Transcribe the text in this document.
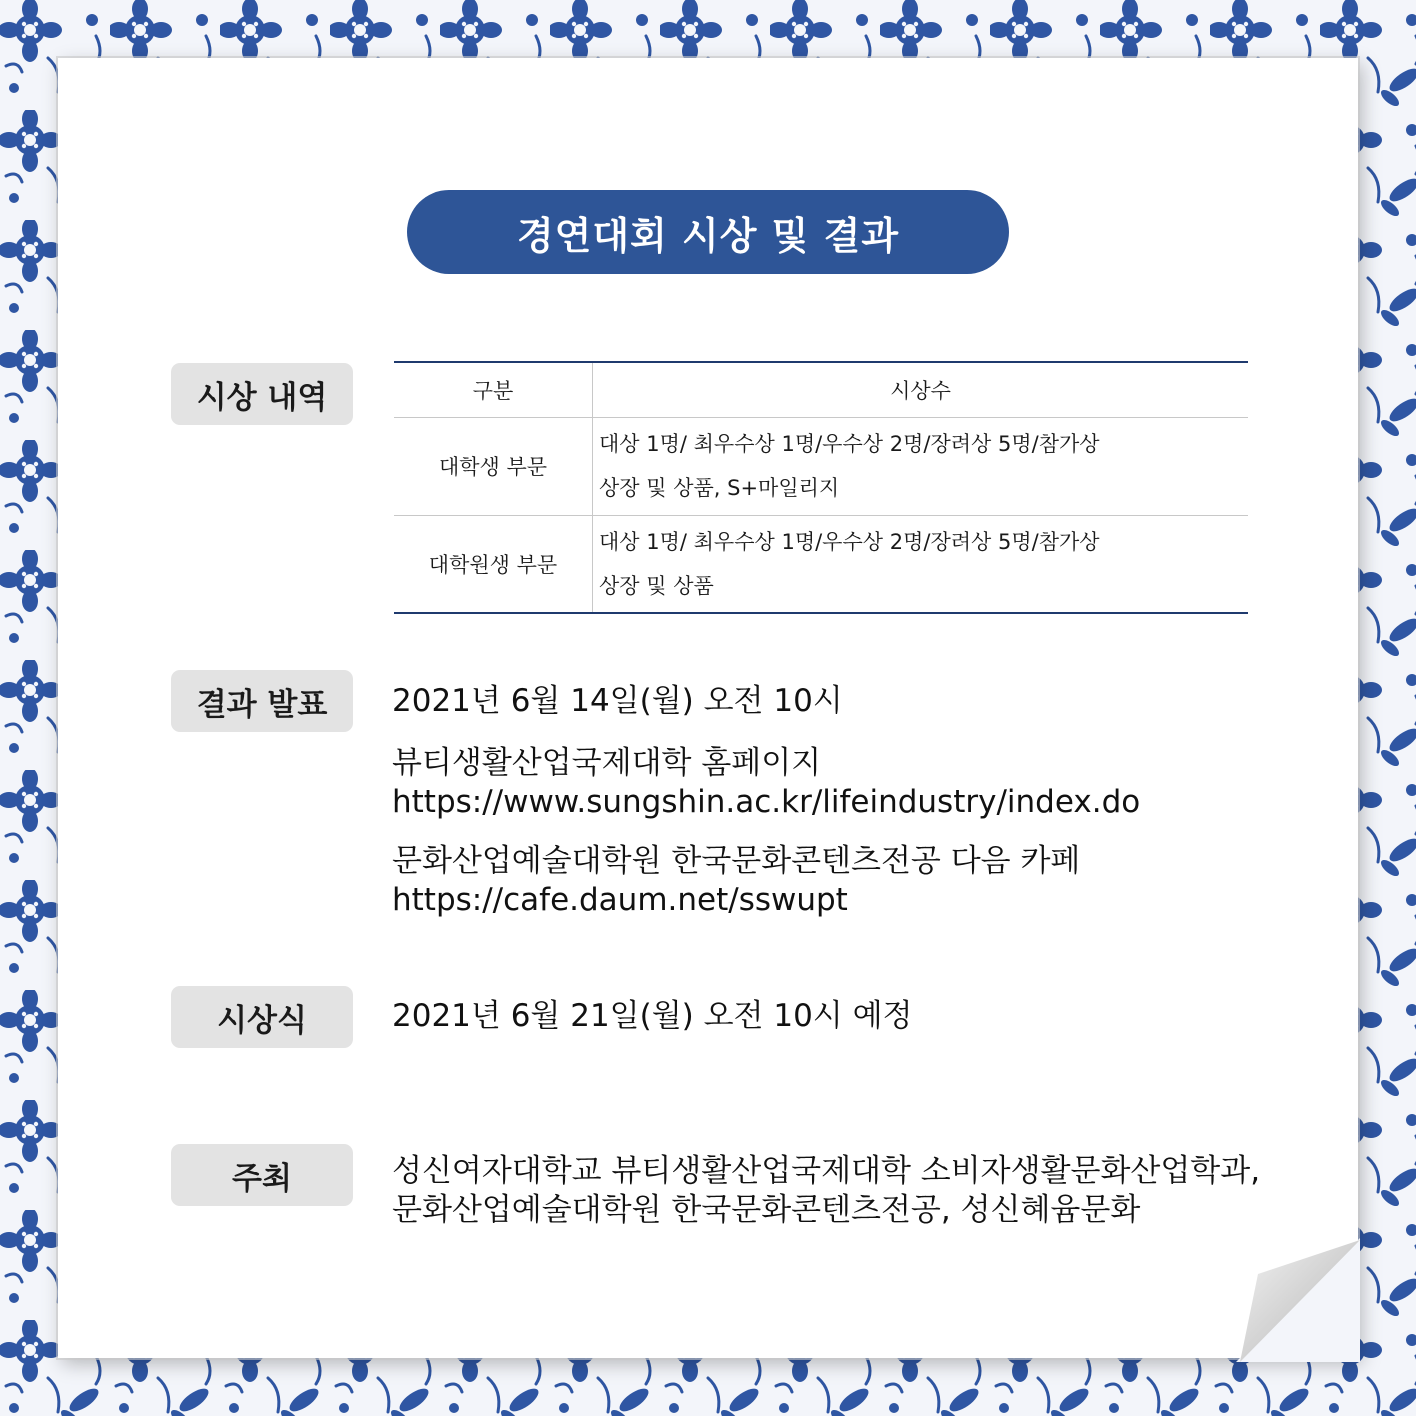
경연대회 시상 및 결과
시상 내역	구분	시상수
대학생 부문	대상 1명/ 최우수상 1명/우수상 2명/장려상 5명/참가상
상장 및 상품, S+마일리지

대학원생 부문	대상 1명/ 최우수상 1명/우수상 2명/장려상 5명/참가상
상장 및 상품
결과 발표	2021년 6월 14일(월) 오전 10시
뷰티생활산업국제대학 홈페이지
https://www.sungshin.ac.kr/lifeindustry/index.do
문화산업예술대학원 한국문화콘텐츠전공 다음 카페
https://cafe.daum.net/sswupt
시상식	2021년 6월 21일(월) 오전 10시 예정
주최	성신여자대학교 뷰티생활산업국제대학 소비자생활문화산업학과,
문화산업예술대학원 한국문화콘텐츠전공, 성신혜윰문화
